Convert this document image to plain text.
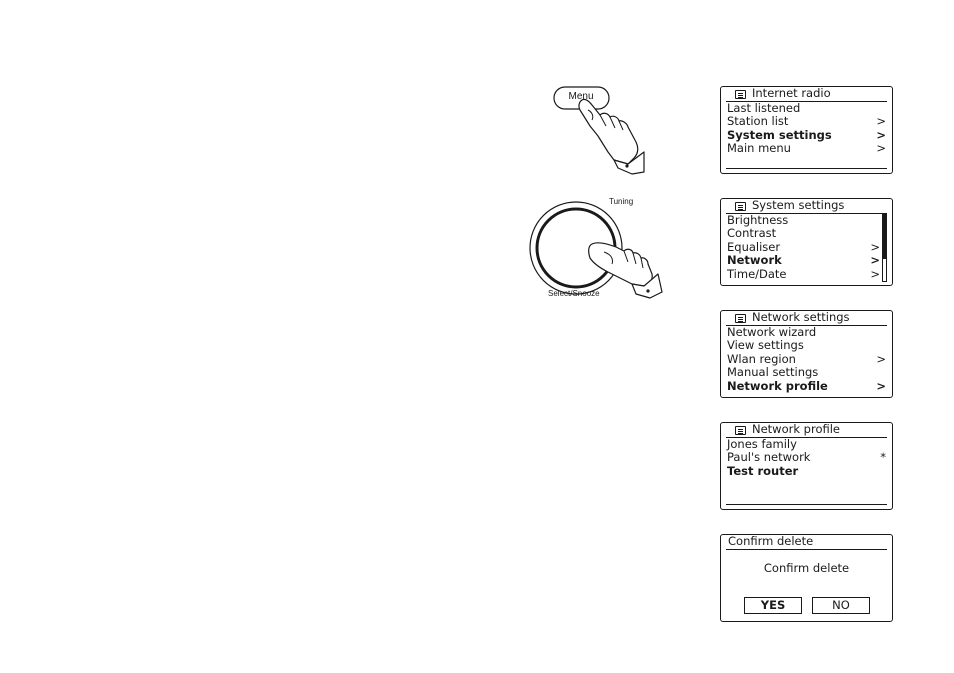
Menu
Tuning
Select/Snooze
Internet radio
Last listened
Station list	>
System settings	>
Main menu	>
System settings
Brightness
Contrast
Equaliser	>
Network	>
Time/Date	>
Network settings
Network wizard
View settings
Wlan region	>
Manual settings
Network profile	>
Network profile
Jones family
Paul's network	*
Test router
Confirm delete
Confirm delete
YES	NO
